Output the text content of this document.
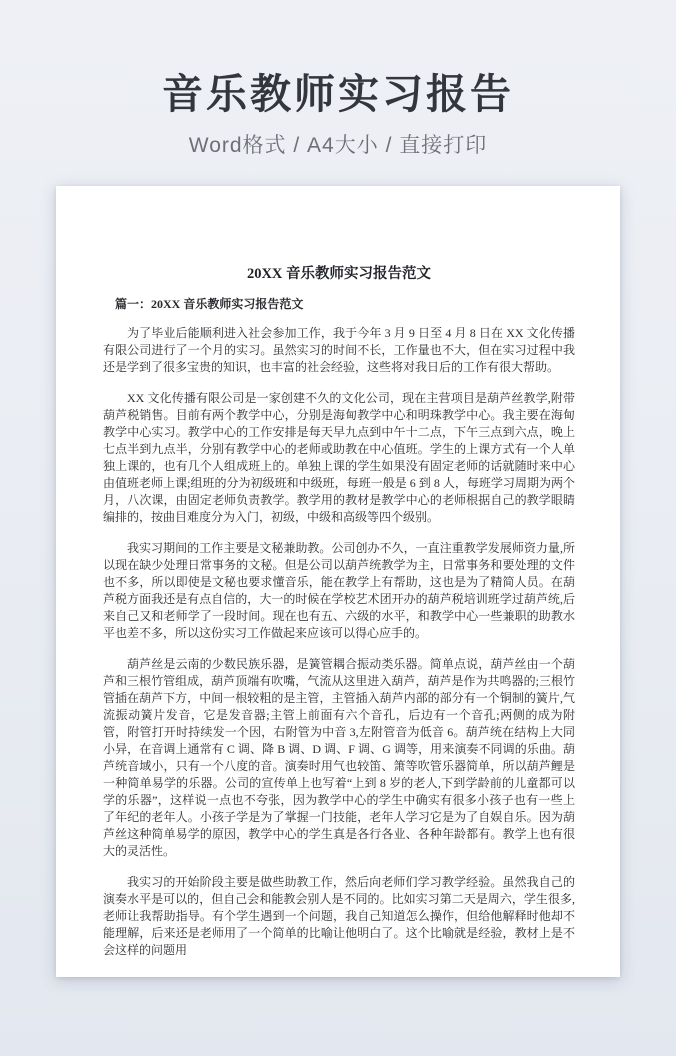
音乐教师实习报告
Word格式 / A4大小 / 直接打印
20XX 音乐教师实习报告范文
篇一：20XX 音乐教师实习报告范文

为了毕业后能顺利进入社会参加工作，我于今年 3 月 9 日至 4 月 8 日在 XX 文化传播有限公司进行了一个月的实习。虽然实习的时间不长，工作量也不大，但在实习过程中我还是学到了很多宝贵的知识，也丰富的社会经验，这些将对我日后的工作有很大帮助。

XX 文化传播有限公司是一家创建不久的文化公司，现在主营项目是葫芦丝教学,附带葫芦税销售。目前有两个教学中心，分别是海甸教学中心和明珠教学中心。我主要在海甸教学中心实习。教学中心的工作安排是每天早九点到中午十二点，下午三点到六点，晚上七点半到九点半，分别有教学中心的老师或助教在中心值班。学生的上课方式有一个人单独上课的，也有几个人组成班上的。单独上课的学生如果没有固定老师的话就随时来中心由值班老师上课;组班的分为初级班和中级班，每班一般是 6 到 8 人，每班学习周期为两个月，八次课，由固定老师负责教学。教学用的教材是教学中心的老师根据自己的教学眼睛编排的，按曲目难度分为入门，初级，中级和高级等四个级别。

我实习期间的工作主要是文秘兼助教。公司创办不久，一直注重教学发展师资力量,所以现在缺少处理日常事务的文秘。但是公司以葫芦统教学为主，日常事务和要处理的文件也不多，所以即使是文秘也要求懂音乐，能在教学上有帮助，这也是为了精简人员。在葫芦税方面我还是有点自信的，大一的时候在学校艺术团开办的葫芦税培训班学过葫芦统,后来自己又和老师学了一段时间。现在也有五、六级的水平，和教学中心一些兼职的助教水平也差不多，所以这份实习工作做起来应该可以得心应手的。

葫芦丝是云南的少数民族乐器，是簧管耦合振动类乐器。简单点说，葫芦丝由一个葫芦和三根竹管组成，葫芦顶端有吹嘴，气流从这里进入葫芦，葫芦是作为共鸣器的;三根竹管插在葫芦下方，中间一根较粗的是主管，主管插入葫芦内部的部分有一个铜制的簧片,气流振动簧片发音，它是发音器;主管上前面有六个音孔，后边有一个音孔;两侧的成为附管，附管打开时持续发一个因，右附管为中音 3,左附管音为低音 6。葫芦统在结构上大同小异，在音调上通常有 C 调、降 B 调、D 调、F 调、G 调等，用来演奏不同调的乐曲。葫芦统音域小，只有一个八度的音。演奏时用气也较笛、箫等吹管乐器简单，所以葫芦鲤是一种简单易学的乐器。公司的宣传单上也写着“上到 8 岁的老人,下到学龄前的儿童都可以学的乐器”，这样说一点也不夸张，因为教学中心的学生中确实有很多小孩子也有一些上了年纪的老年人。小孩子学是为了掌握一门技能，老年人学习它是为了自娱自乐。因为葫芦丝这种简单易学的原因，教学中心的学生真是各行各业、各种年龄都有。教学上也有很大的灵活性。

我实习的开始阶段主要是做些助教工作，然后向老师们学习教学经验。虽然我自己的演奏水平是可以的，但自己会和能教会别人是不同的。比如实习第二天是周六，学生很多,老师让我帮助指导。有个学生遇到一个问题，我自己知道怎么操作，但给他解释时他却不能理解，后来还是老师用了一个简单的比喻让他明白了。这个比喻就是经验，教材上是不会这样的问题用
